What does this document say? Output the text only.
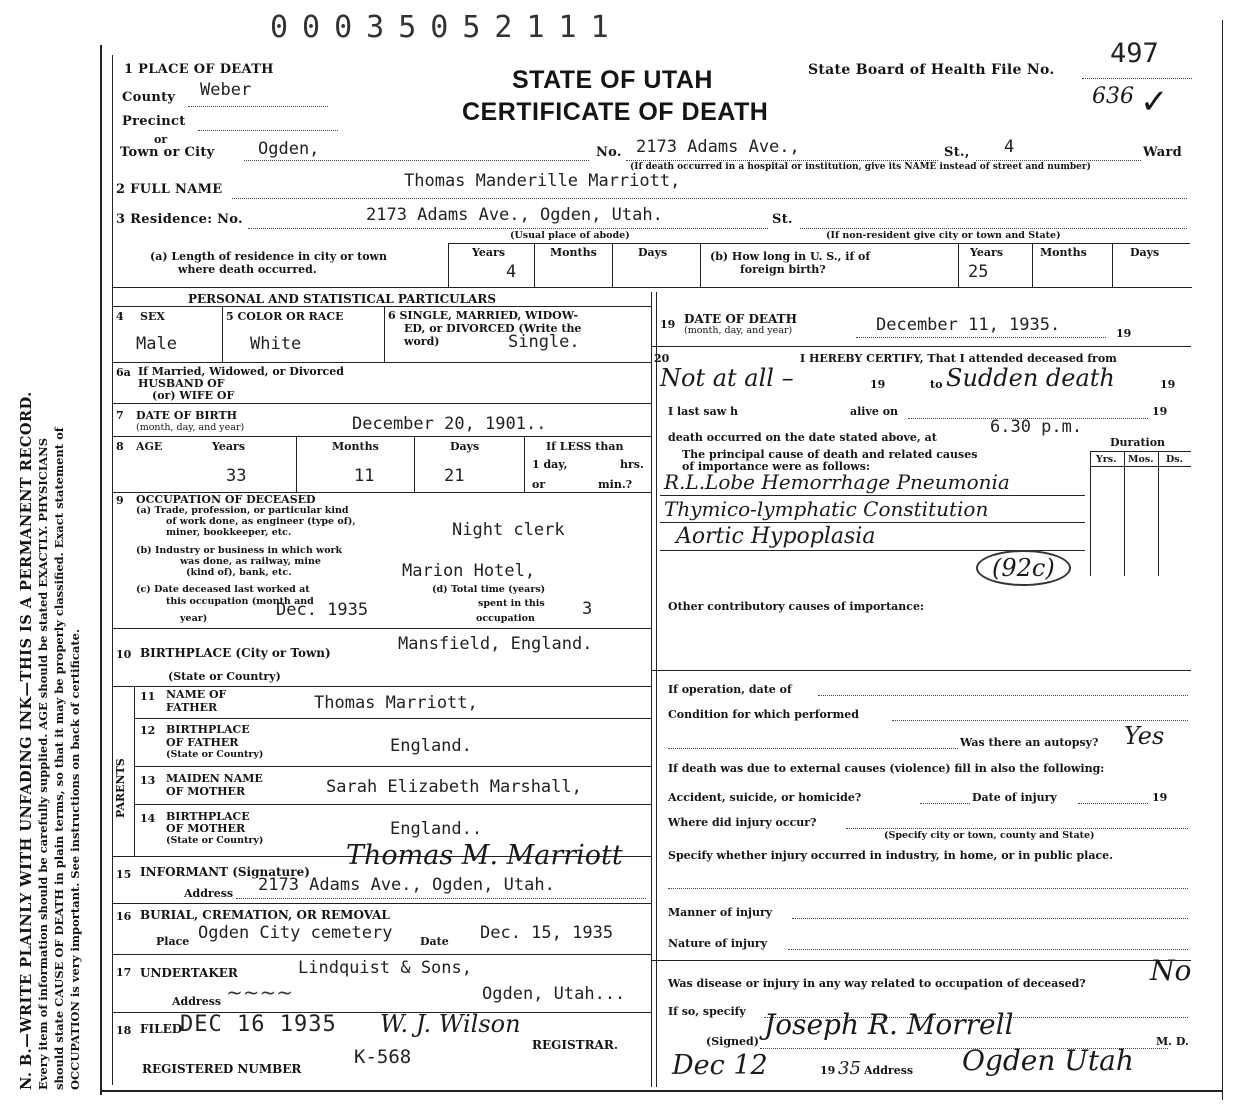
N. B.—WRITE PLAINLY WITH UNFADING INK—THIS IS A PERMANENT RECORD. Every item of information should be carefully supplied. AGE should be stated EXACTLY. PHYSICIANS should state CAUSE OF DEATH in plain terms, so that it may be properly classified. Exact statement of OCCUPATION is very important. See instructions on back of certificate.
00035052111
STATE OF UTAH
CERTIFICATE OF DEATH
State Board of Health File No.
497
636 ✓
1 PLACE OF DEATH
County Weber
Precinct
or
Town or City	Ogden,	No. 2173 Adams Ave.,	St., 4	Ward
(If death occurred in a hospital or institution, give its NAME instead of street and number)
2 FULL NAME	Thomas Manderille Marriott,
3 Residence: No.	2173 Adams Ave., Ogden, Utah.	St.
(Usual place of abode)	(If non-resident give city or town and State)
(a) Length of residence in city or town
where death occurred.
Years	Months	Days
4
(b) How long in U. S., if of
foreign birth?
Years	Months	Days
25
PERSONAL AND STATISTICAL PARTICULARS
4 SEX
Male
5 COLOR OR RACE
White
6 SINGLE, MARRIED, WIDOW-
ED, or DIVORCED (Write the
word)	Single.
6a If Married, Widowed, or Divorced
HUSBAND OF
(or) WIFE OF
7 DATE OF BIRTH
(month, day, and year)	December 20, 1901..
8 AGE	Years	Months	Days
33	11	21
If LESS than
1 day,	hrs.
or	min.?
9 OCCUPATION OF DECEASED
(a) Trade, profession, or particular kind
of work done, as engineer (type of),
miner, bookkeeper, etc.	Night clerk
(b) Industry or business in which work
was done, as railway, mine
(kind of), bank, etc.	Marion Hotel,
(c) Date deceased last worked at
this occupation (month and
year)	Dec. 1935
(d) Total time (years)
spent in this
occupation	3
10 BIRTHPLACE (City or Town)	Mansfield, England.
(State or Country)
PARENTS
11 NAME OF
FATHER	Thomas Marriott,
12 BIRTHPLACE
OF FATHER
(State or Country)	England.
13 MAIDEN NAME
OF MOTHER	Sarah Elizabeth Marshall,
14 BIRTHPLACE
OF MOTHER
(State or Country)
England..
15 INFORMANT (Signature)
Thomas M. Marriott
Address 2173 Adams Ave., Ogden, Utah.
16 BURIAL, CREMATION, OR REMOVAL
Place Ogden City cemetery	Date Dec. 15, 1935
17 UNDERTAKER	Lindquist & Sons,
Address ~~~~	Ogden, Utah...
18 FILED
DEC 16 1935 W. J. Wilson
REGISTRAR.
REGISTERED NUMBER
K-568
19 DATE OF DEATH
(month, day, and year)	December 11, 1935.	19
20	I HEREBY CERTIFY, That I attended deceased from
Not at all –	19	to Sudden death	19
I last saw h	alive on	19
death occurred on the date stated above, at
6.30 p.m.
Duration
The principal cause of death and related causes
of importance were as follows:
Yrs. Mos. Ds.
R.L.Lobe Hemorrhage Pneumonia
Thymico-lymphatic Constitution
Aortic Hypoplasia
(92c)
Other contributory causes of importance:
If operation, date of
Condition for which performed
Was there an autopsy? Yes
If death was due to external causes (violence) fill in also the following:
Accident, suicide, or homicide?	Date of injury	19
Where did injury occur?
(Specify city or town, county and State)
Specify whether injury occurred in industry, in home, or in public place.
Manner of injury
Nature of injury
Was disease or injury in any way related to occupation of deceased? No
If so, specify
(Signed)
Joseph R. Morrell
M. D.
Dec 12	19 35 Address Ogden Utah
